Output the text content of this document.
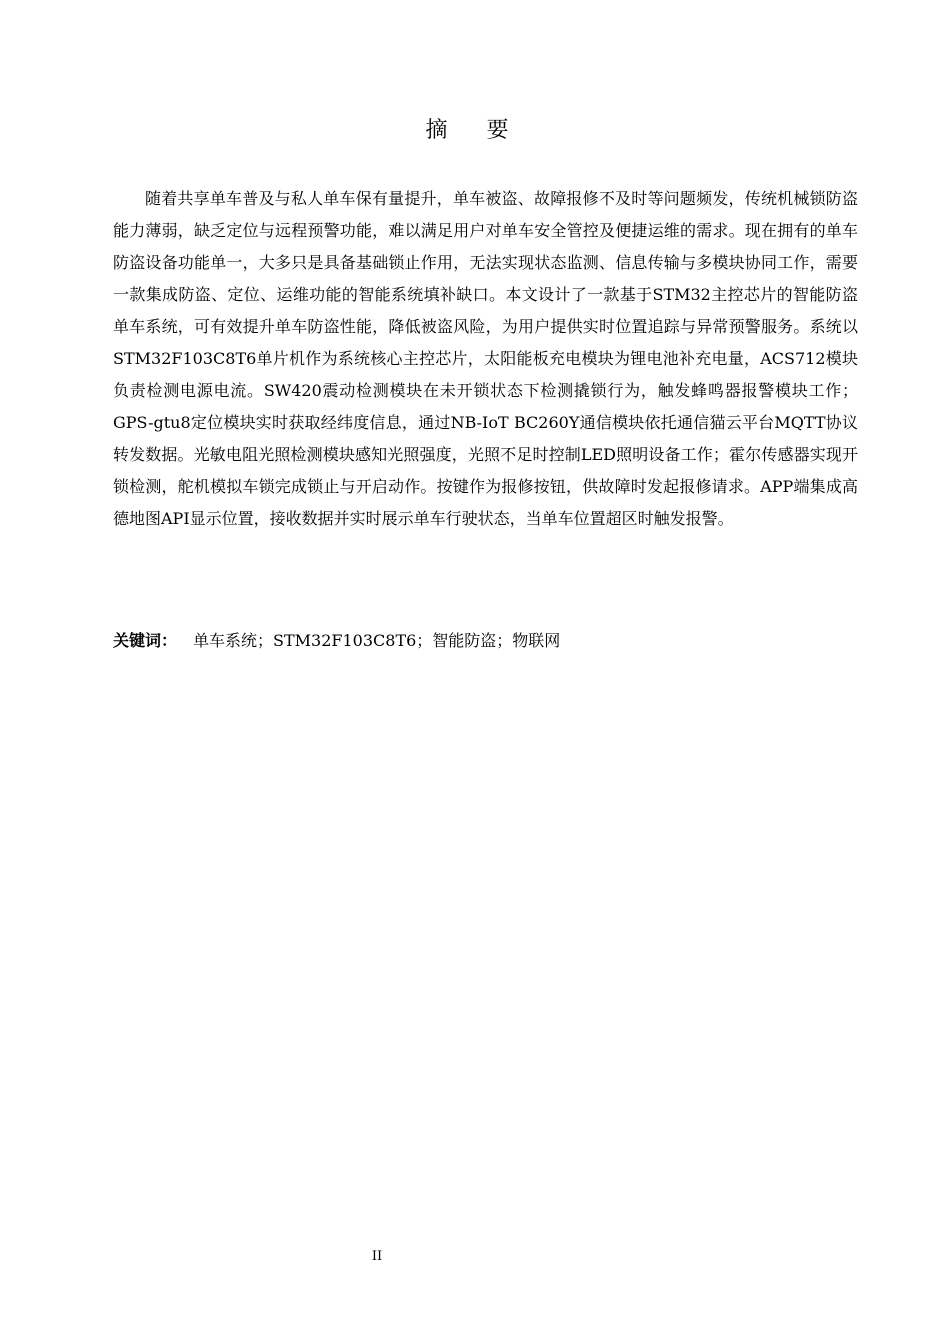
摘 要

随着共享单车普及与私人单车保有量提升，单车被盗、故障报修不及时等问题频发，传统机械锁防盗能力薄弱，缺乏定位与远程预警功能，难以满足用户对单车安全管控及便捷运维的需求。现在拥有的单车防盗设备功能单一，大多只是具备基础锁止作用，无法实现状态监测、信息传输与多模块协同工作，需要一款集成防盗、定位、运维功能的智能系统填补缺口。本文设计了一款基于STM32主控芯片的智能防盗单车系统，可有效提升单车防盗性能，降低被盗风险，为用户提供实时位置追踪与异常预警服务。系统以STM32F103C8T6单片机作为系统核心主控芯片，太阳能板充电模块为锂电池补充电量，ACS712模块负责检测电源电流。SW420震动检测模块在未开锁状态下检测撬锁行为，触发蜂鸣器报警模块工作；GPS-gtu8定位模块实时获取经纬度信息，通过NB-IoT BC260Y通信模块依托通信猫云平台MQTT协议转发数据。光敏电阻光照检测模块感知光照强度，光照不足时控制LED照明设备工作；霍尔传感器实现开锁检测，舵机模拟车锁完成锁止与开启动作。按键作为报修按钮，供故障时发起报修请求。APP端集成高德地图API显示位置，接收数据并实时展示单车行驶状态，当单车位置超区时触发报警。

关键词： 单车系统；STM32F103C8T6；智能防盗；物联网

II
